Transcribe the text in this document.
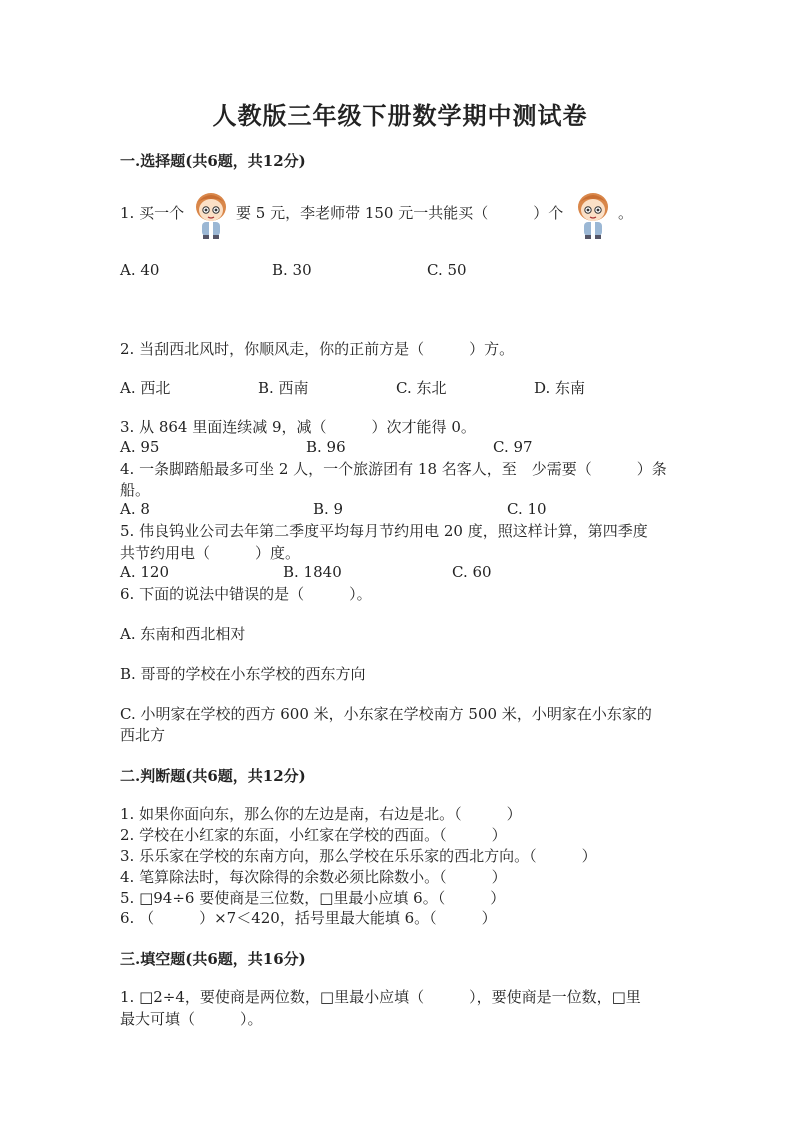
人教版三年级下册数学期中测试卷
一.选择题(共6题，共12分)
1. 买一个	要 5 元，李老师带 150 元一共能买（　　　）个	。
A. 40	B. 30	C. 50
2. 当刮西北风时，你顺风走，你的正前方是（　　　）方。
A. 西北	B. 西南	C. 东北	D. 东南
3. 从 864 里面连续减 9，减（　　　）次才能得 0。
A. 95	B. 96	C. 97
4. 一条脚踏船最多可坐 2 人，一个旅游团有 18 名客人，至　少需要（　　　）条
船。
A. 8	B. 9	C. 10
5. 伟良钨业公司去年第二季度平均每月节约用电 20 度，照这样计算，第四季度
共节约用电（　　　）度。
A. 120	B. 1840	C. 60
6. 下面的说法中错误的是（　　　）。
A. 东南和西北相对
B. 哥哥的学校在小东学校的西东方向
C. 小明家在学校的西方 600 米，小东家在学校南方 500 米，小明家在小东家的
西北方
二.判断题(共6题，共12分)
1. 如果你面向东，那么你的左边是南，右边是北。（　　　）
2. 学校在小红家的东面，小红家在学校的西面。（　　　）
3. 乐乐家在学校的东南方向，那么学校在乐乐家的西北方向。（　　　）
4. 笔算除法时，每次除得的余数必须比除数小。（　　　）
5. □94÷6 要使商是三位数，□里最小应填 6。（　　　）
6. （　　　）×7＜420，括号里最大能填 6。（　　　）
三.填空题(共6题，共16分)
1. □2÷4，要使商是两位数，□里最小应填（　　　），要使商是一位数，□里
最大可填（　　　）。
